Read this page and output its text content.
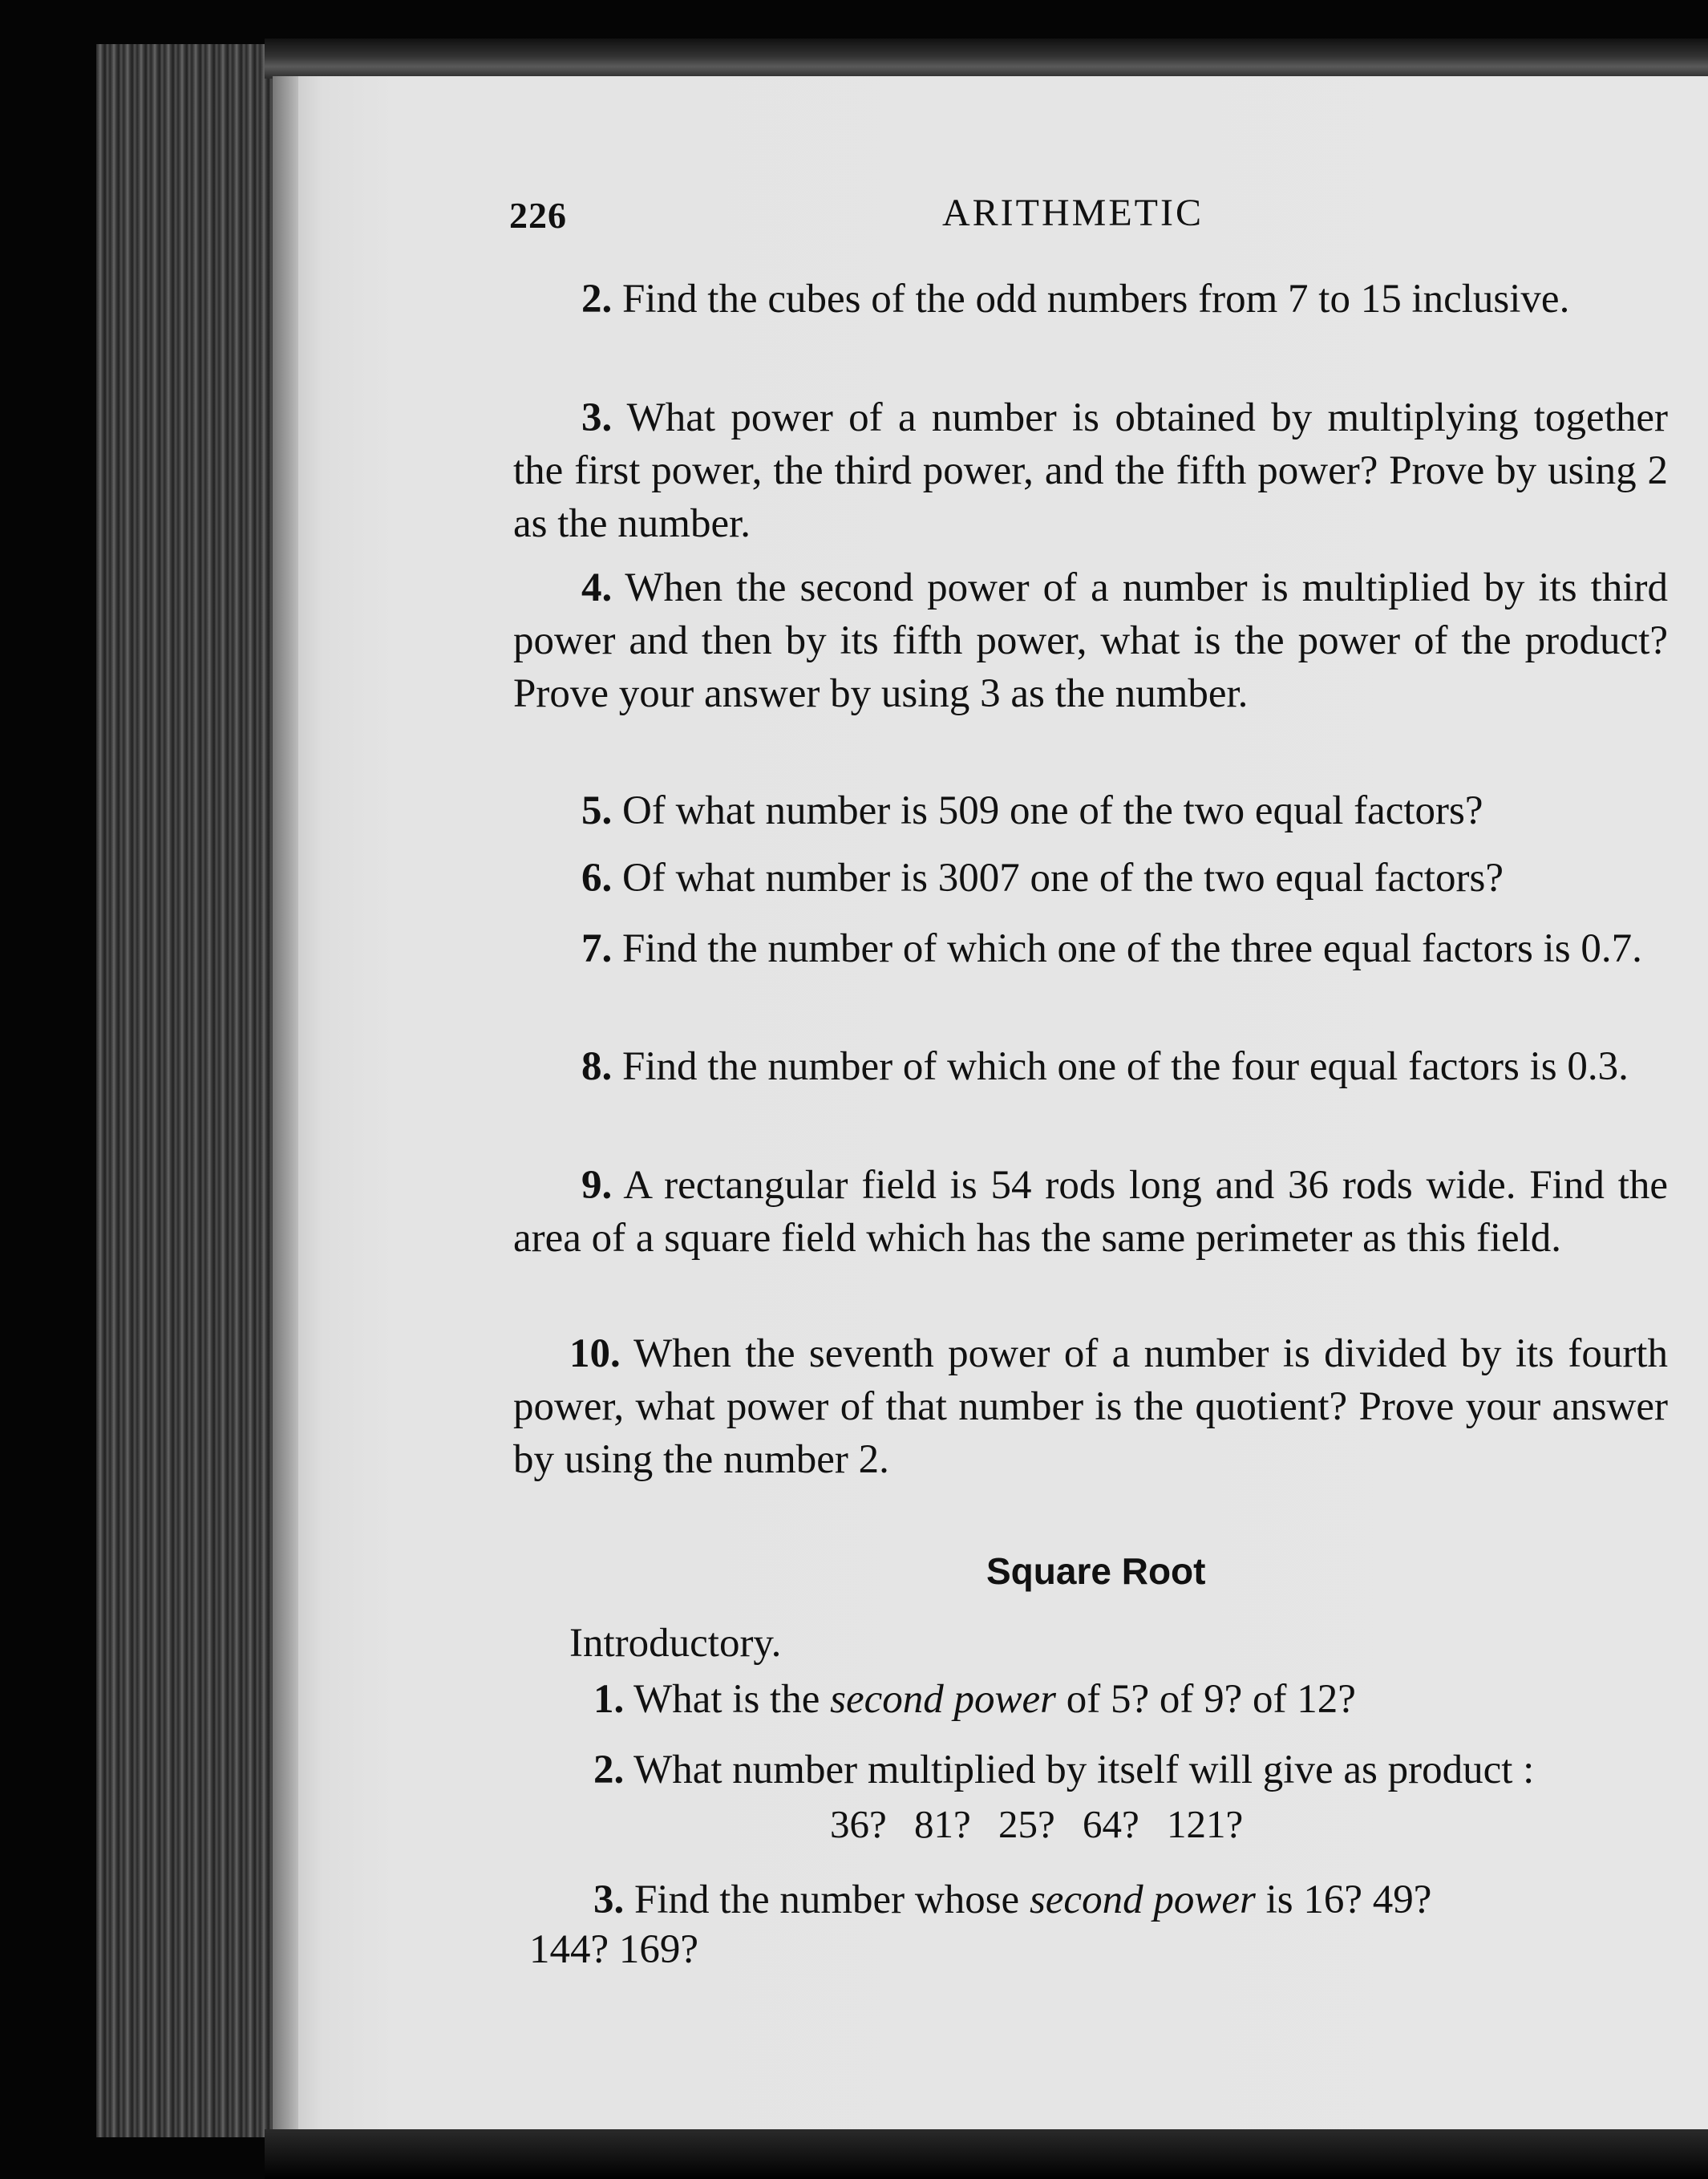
226	ARITHMETIC
2. Find the cubes of the odd numbers from 7 to 15 inclusive.
3. What power of a number is obtained by multiplying together the first power, the third power, and the fifth power? Prove by using 2 as the number.
4. When the second power of a number is multiplied by its third power and then by its fifth power, what is the power of the product? Prove your answer by using 3 as the number.
5. Of what number is 509 one of the two equal factors?
6. Of what number is 3007 one of the two equal factors?
7. Find the number of which one of the three equal factors is 0.7.
8. Find the number of which one of the four equal factors is 0.3.
9. A rectangular field is 54 rods long and 36 rods wide. Find the area of a square field which has the same perimeter as this field.
10. When the seventh power of a number is divided by its fourth power, what power of that number is the quotient? Prove your answer by using the number 2.
Square Root
Introductory.
1. What is the second power of 5? of 9? of 12?
2. What number multiplied by itself will give as product :
36? 81? 25? 64? 121?
3. Find the number whose second power is 16? 49?
144? 169?
